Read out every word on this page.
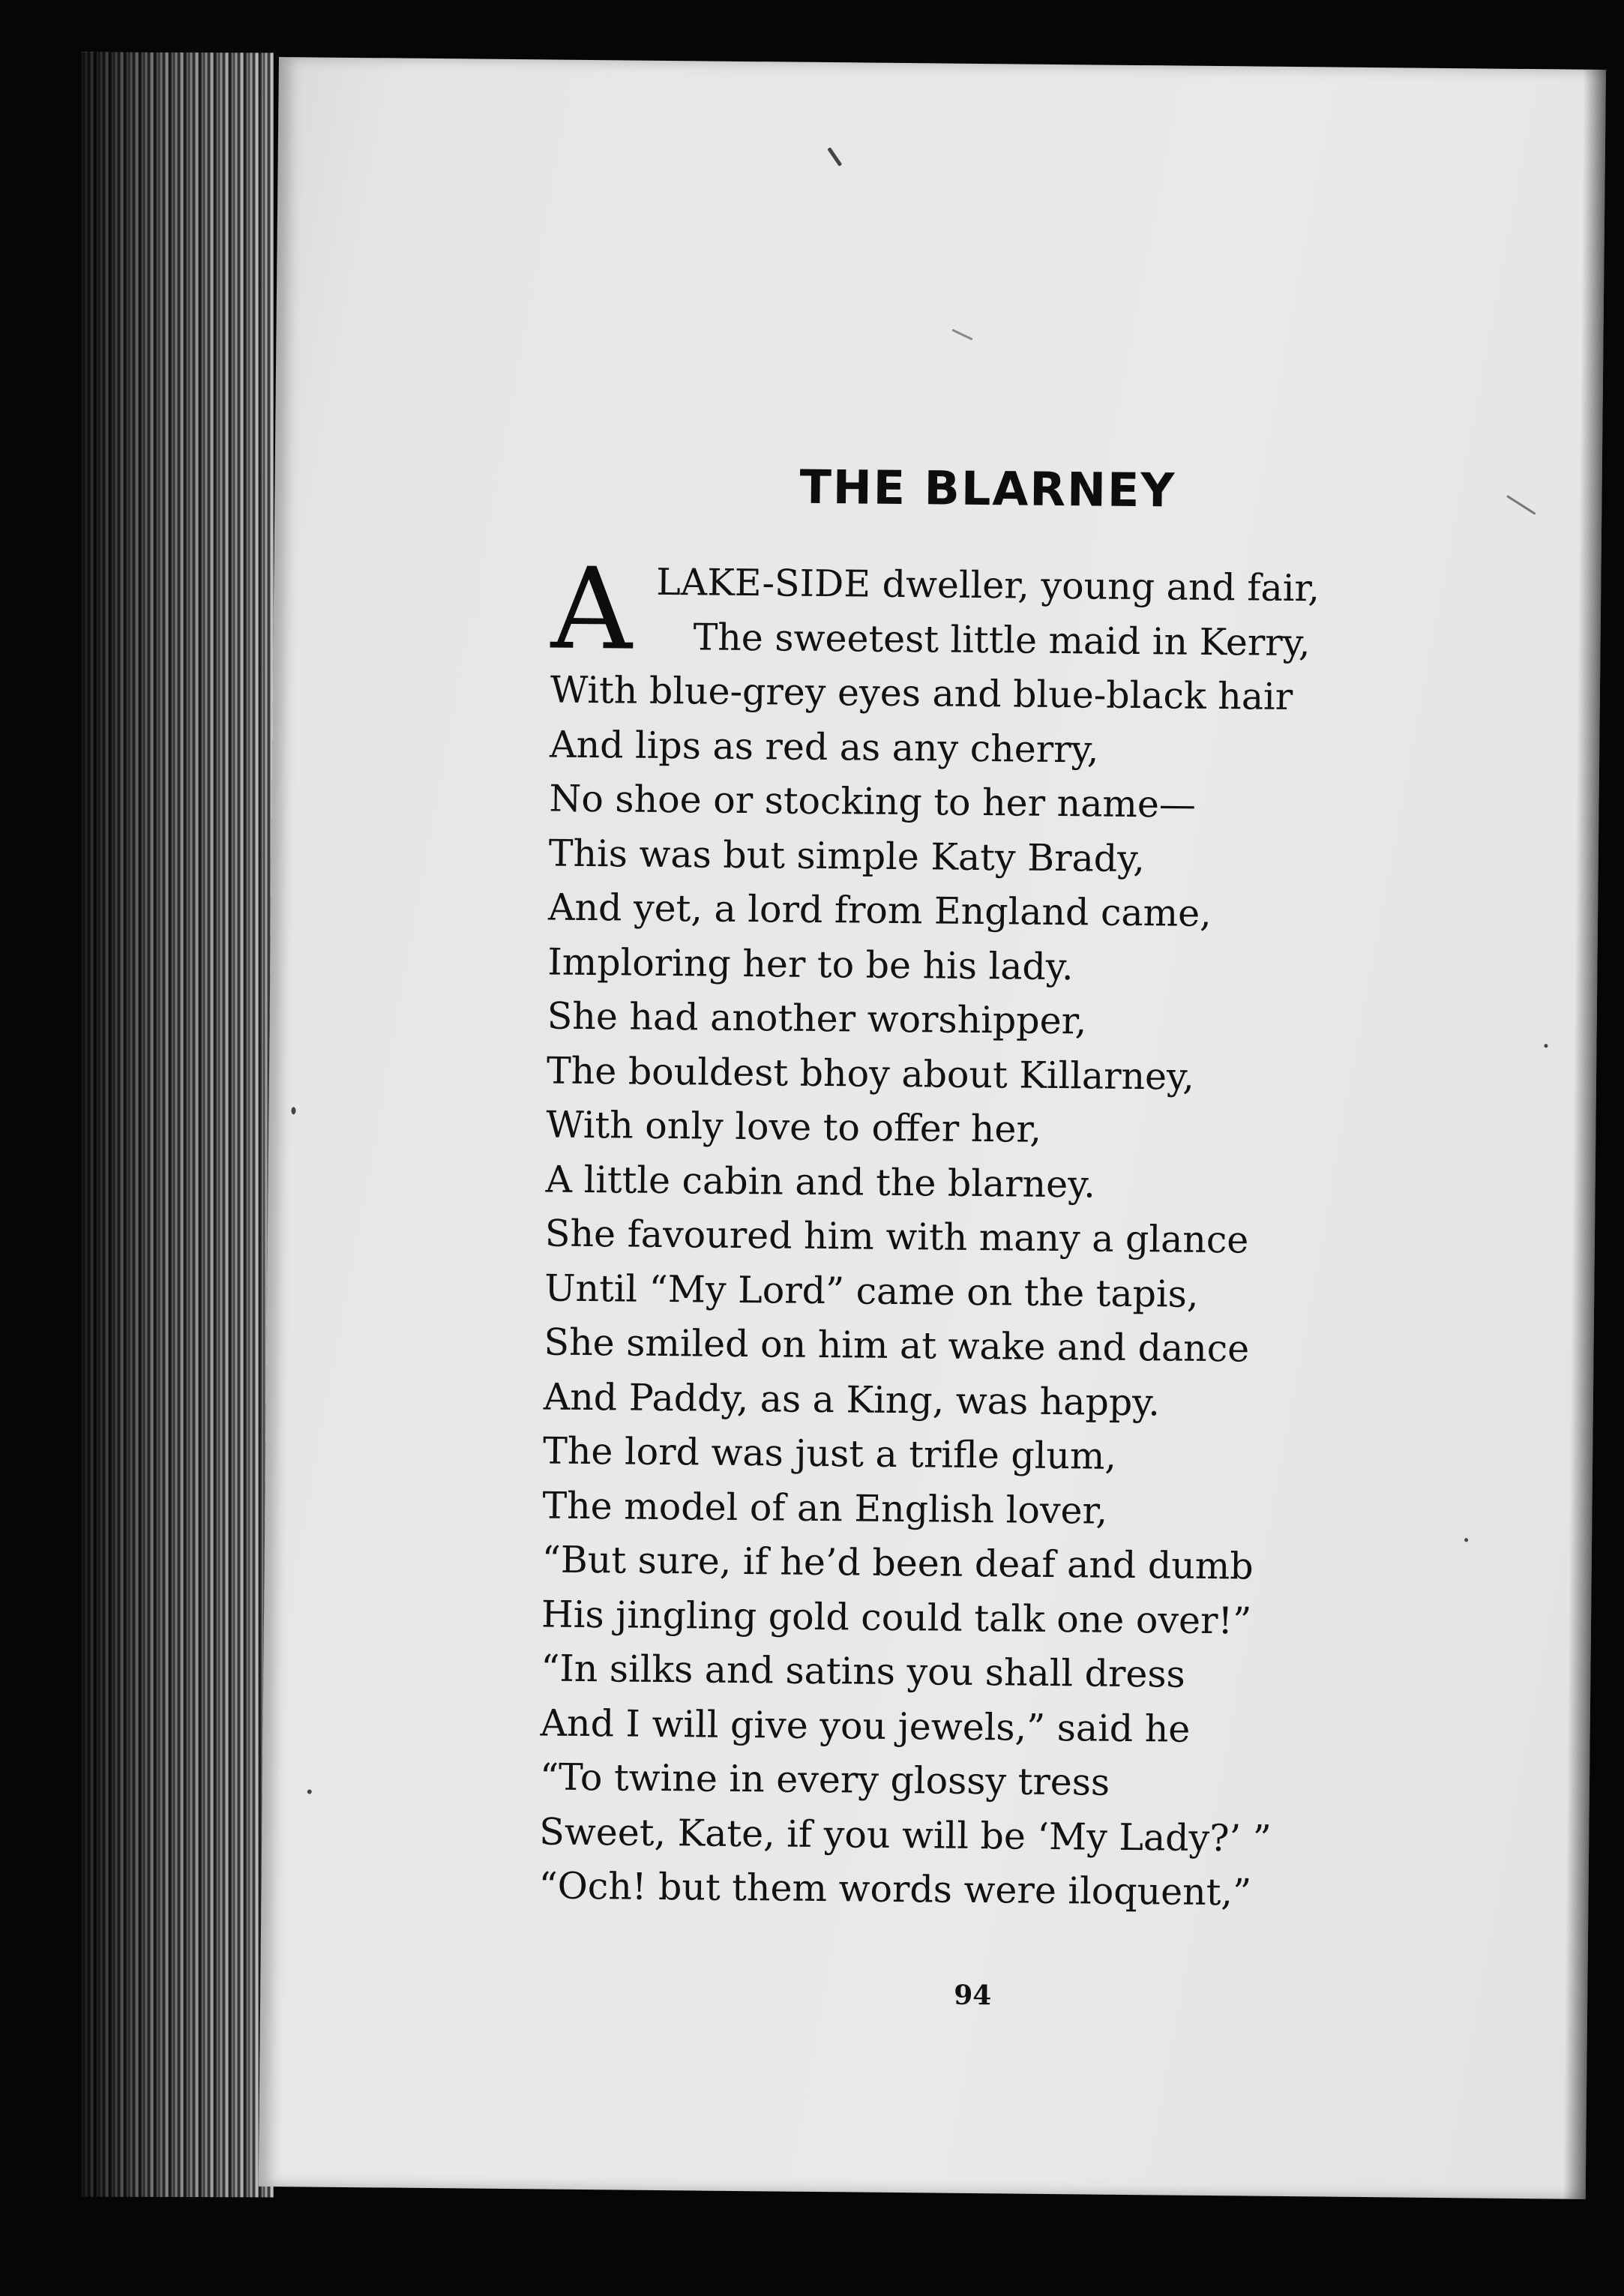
THE BLARNEY
A LAKE-SIDE dweller, young and fair,
The sweetest little maid in Kerry,
With blue-grey eyes and blue-black hair
And lips as red as any cherry,
No shoe or stocking to her name—
This was but simple Katy Brady,
And yet, a lord from England came,
Imploring her to be his lady.
She had another worshipper,
The bouldest bhoy about Killarney,
With only love to offer her,
A little cabin and the blarney.
She favoured him with many a glance
Until “My Lord” came on the tapis,
She smiled on him at wake and dance
And Paddy, as a King, was happy.
The lord was just a trifle glum,
The model of an English lover,
“But sure, if he’d been deaf and dumb
His jingling gold could talk one over!”
“In silks and satins you shall dress
And I will give you jewels,” said he
“To twine in every glossy tress
Sweet, Kate, if you will be ‘My Lady?’ ”
“Och! but them words were iloquent,”
94
